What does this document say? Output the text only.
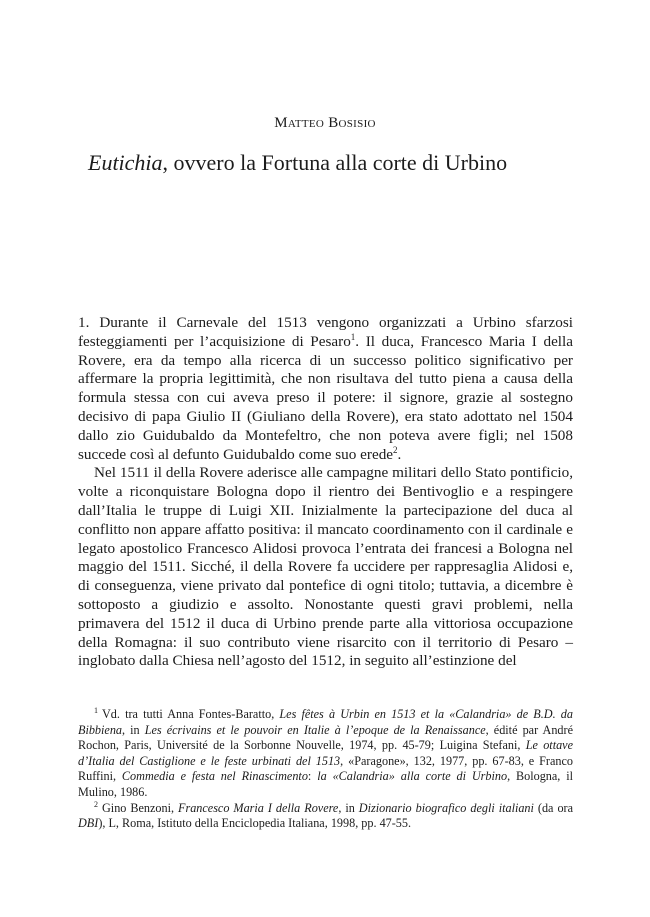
Matteo Bosisio
Eutichia, ovvero la Fortuna alla corte di Urbino

1. Durante il Carnevale del 1513 vengono organizzati a Urbino sfarzosi festeggiamenti per l’acquisizione di Pesaro$^1$. Il duca, Francesco Maria I della Rovere, era da tempo alla ricerca di un successo politico significativo per affermare la propria legittimità, che non risultava del tutto piena a causa della formula stessa con cui aveva preso il potere: il signore, grazie al sostegno decisivo di papa Giulio II (Giuliano della Rovere), era stato adottato nel 1504 dallo zio Guidubaldo da Montefeltro, che non poteva avere figli; nel 1508 succede così al defunto Guidubaldo come suo erede$^2$.

Nel 1511 il della Rovere aderisce alle campagne militari dello Stato pontificio, volte a riconquistare Bologna dopo il rientro dei Bentivoglio e a respingere dall’Italia le truppe di Luigi XII. Inizialmente la partecipazione del duca al conflitto non appare affatto positiva: il mancato coordinamento con il cardinale e legato apostolico Francesco Alidosi provoca l’entrata dei francesi a Bologna nel maggio del 1511. Sicché, il della Rovere fa uccidere per rappresaglia Alidosi e, di conseguenza, viene privato dal pontefice di ogni titolo; tuttavia, a dicembre è sottoposto a giudizio e assolto. Nonostante questi gravi problemi, nella primavera del 1512 il duca di Urbino prende parte alla vittoriosa occupazione della Romagna: il suo contributo viene risarcito con il territorio di Pesaro – inglobato dalla Chiesa nell’agosto del 1512, in seguito all’estinzione del

$^1$ Vd. tra tutti Anna Fontes-Baratto, Les fêtes à Urbin en 1513 et la «Calandria» de B.D. da Bibbiena, in Les écrivains et le pouvoir en Italie à l’epoque de la Renaissance, édité par André Rochon, Paris, Université de la Sorbonne Nouvelle, 1974, pp. 45-79; Luigina Stefani, Le ottave d’Italia del Castiglione e le feste urbinati del 1513, «Paragone», 132, 1977, pp. 67-83, e Franco Ruffini, Commedia e festa nel Rinascimento: la «Calandria» alla corte di Urbino, Bologna, il Mulino, 1986.

$^2$ Gino Benzoni, Francesco Maria I della Rovere, in Dizionario biografico degli italiani (da ora DBI), L, Roma, Istituto della Enciclopedia Italiana, 1998, pp. 47-55.
